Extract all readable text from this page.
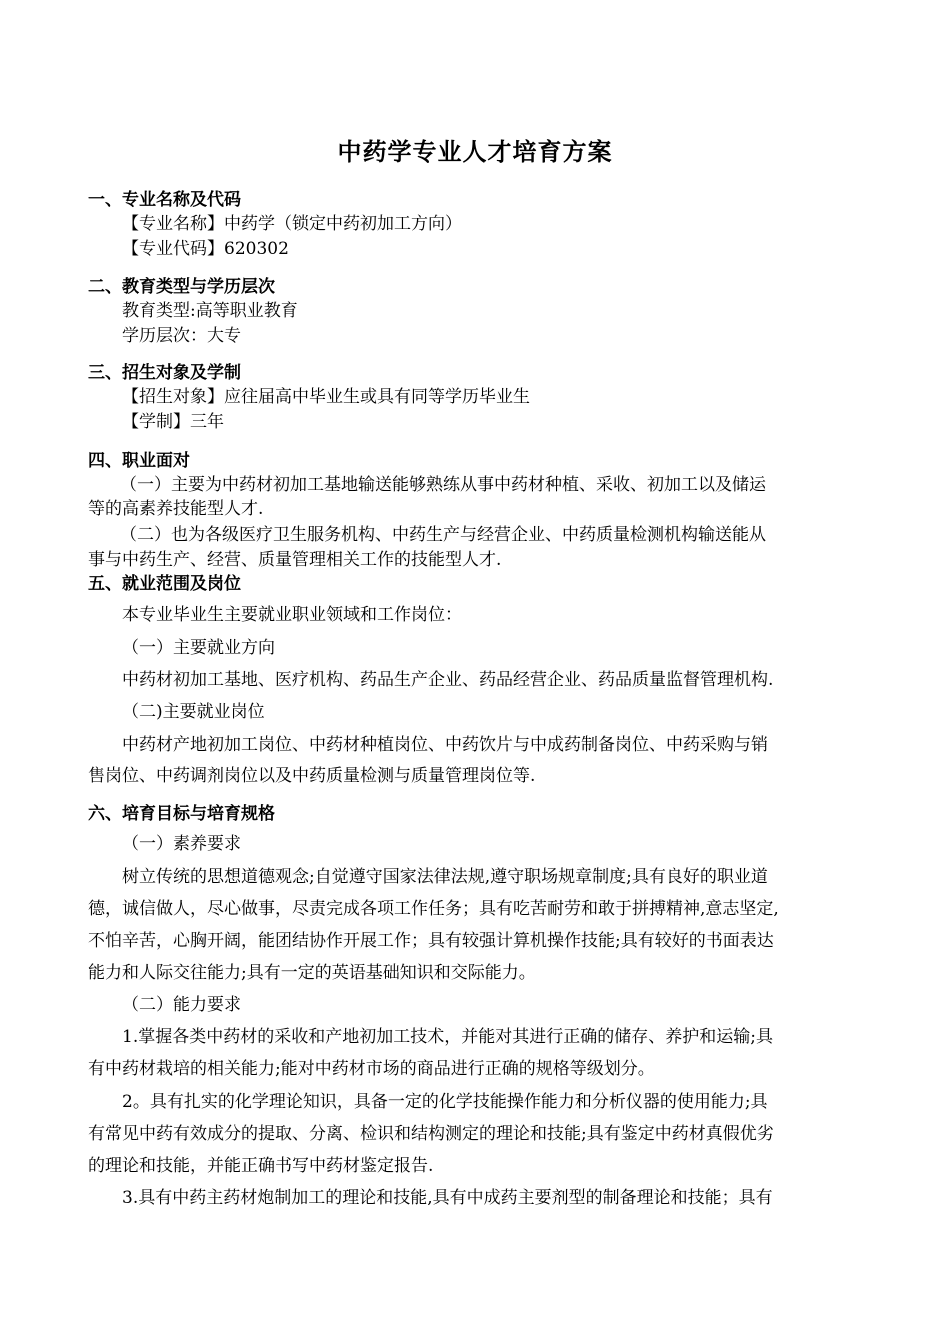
中药学专业人才培育方案
一、专业名称及代码
【专业名称】中药学（锁定中药初加工方向）
【专业代码】620302
二、教育类型与学历层次
教育类型:高等职业教育
学历层次：大专
三、招生对象及学制
【招生对象】应往届高中毕业生或具有同等学历毕业生
【学制】三年
四、职业面对
（一）主要为中药材初加工基地输送能够熟练从事中药材种植、采收、初加工以及储运
等的高素养技能型人才.
（二）也为各级医疗卫生服务机构、中药生产与经营企业、中药质量检测机构输送能从
事与中药生产、经营、质量管理相关工作的技能型人才.
五、就业范围及岗位
本专业毕业生主要就业职业领域和工作岗位：
（一）主要就业方向
中药材初加工基地、医疗机构、药品生产企业、药品经营企业、药品质量监督管理机构.
（二)主要就业岗位
中药材产地初加工岗位、中药材种植岗位、中药饮片与中成药制备岗位、中药采购与销
售岗位、中药调剂岗位以及中药质量检测与质量管理岗位等.
六、培育目标与培育规格
（一）素养要求
树立传统的思想道德观念;自觉遵守国家法律法规,遵守职场规章制度;具有良好的职业道
德，诚信做人，尽心做事，尽责完成各项工作任务；具有吃苦耐劳和敢于拼搏精神,意志坚定,
不怕辛苦，心胸开阔，能团结协作开展工作；具有较强计算机操作技能;具有较好的书面表达
能力和人际交往能力;具有一定的英语基础知识和交际能力。
（二）能力要求
1.掌握各类中药材的采收和产地初加工技术，并能对其进行正确的储存、养护和运输;具
有中药材栽培的相关能力;能对中药材市场的商品进行正确的规格等级划分。
2。具有扎实的化学理论知识，具备一定的化学技能操作能力和分析仪器的使用能力;具
有常见中药有效成分的提取、分离、检识和结构测定的理论和技能;具有鉴定中药材真假优劣
的理论和技能，并能正确书写中药材鉴定报告.
3.具有中药主药材炮制加工的理论和技能,具有中成药主要剂型的制备理论和技能；具有
